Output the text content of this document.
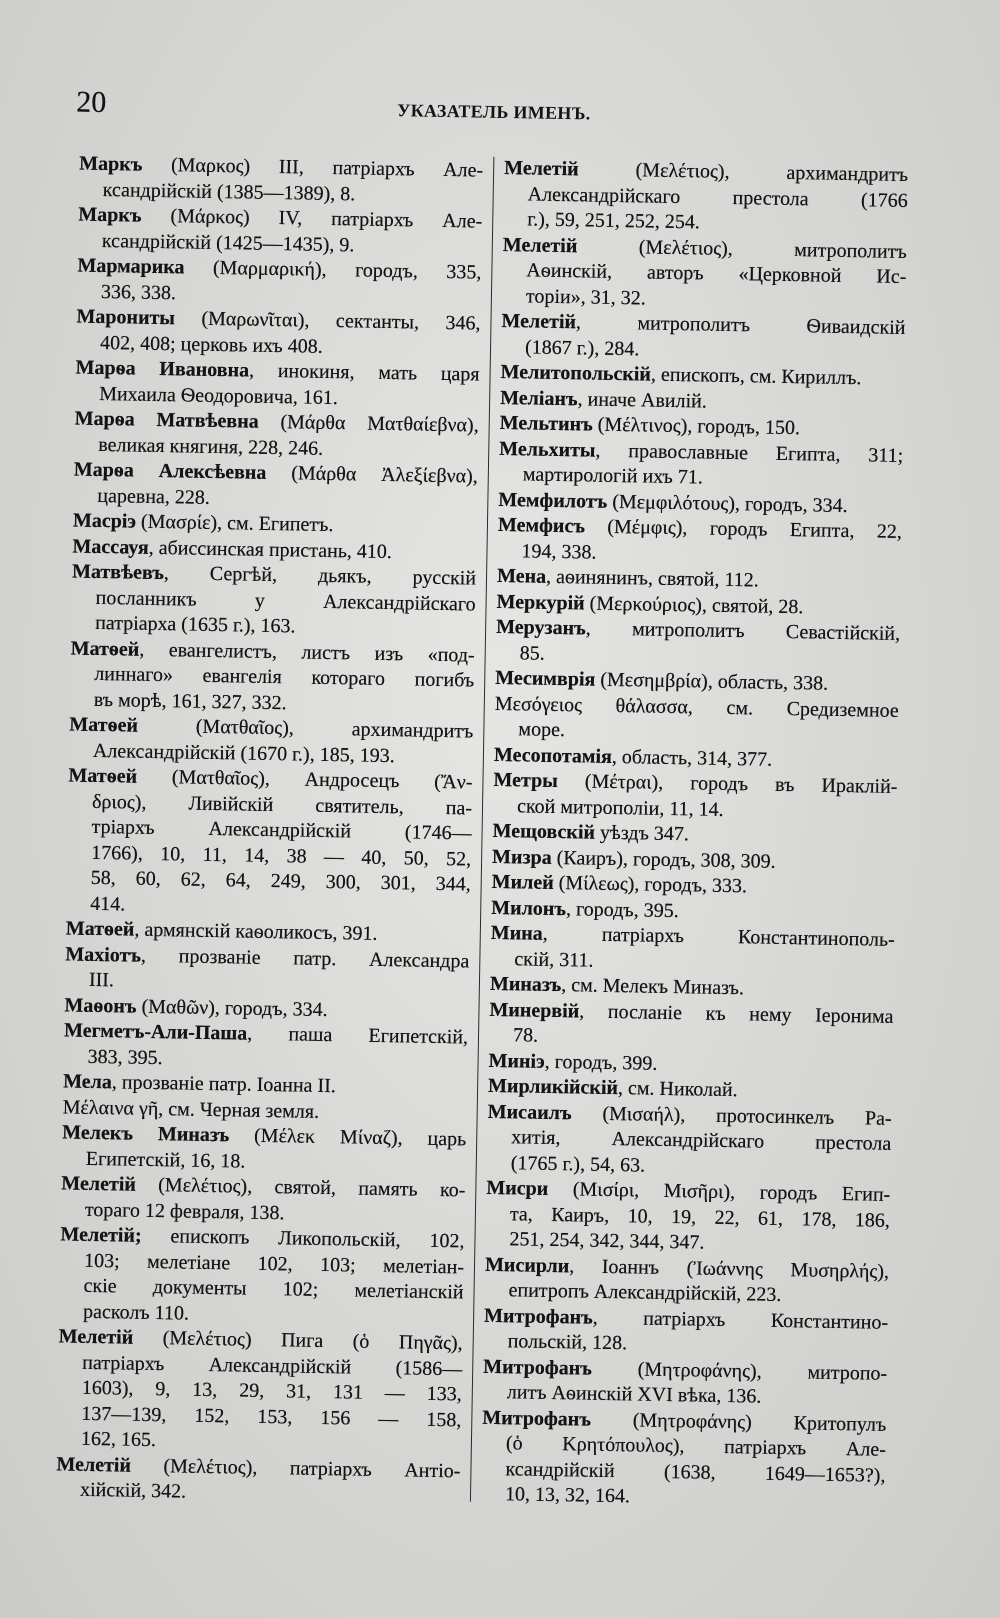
20	УКАЗАТЕЛЬ ИМЕНЪ.
Маркъ (Μαρκος) III, патріархъ Але-
ксандрійскій (1385—1389), 8.
Маркъ (Μάρκος) IV, патріархъ Але-
ксандрійскій (1425—1435), 9.
Мармарика (Μαρμαρική), городъ, 335,
336, 338.
Марониты (Μαρωνῖται), сектанты, 346,
402, 408; церковь ихъ 408.
Марѳа Ивановна, инокиня, мать царя
Михаила Ѳеодоровича, 161.
Марѳа Матвѣевна (Μάρθα Ματθαίεβνα),
великая княгиня, 228, 246.
Марѳа Алексѣевна (Μάρθα Ἀλεξίεβνα),
царевна, 228.
Масріэ (Μασρίε), см. Египетъ.
Массауя, абиссинская пристань, 410.
Матвѣевъ, Сергѣй, дьякъ, русскій
посланникъ у Александрійскаго
патріарха (1635 г.), 163.
Матѳей, евангелистъ, листъ изъ «под-
линнаго» евангелія котораго погибъ
въ морѣ, 161, 327, 332.
Матѳей (Ματθαῖος), архимандритъ
Александрійскій (1670 г.), 185, 193.
Матѳей (Ματθαῖος), Андросецъ (Ἄν-
δριος), Ливійскій святитель, па-
тріархъ Александрійскій (1746—
1766), 10, 11, 14, 38 — 40, 50, 52,
58, 60, 62, 64, 249, 300, 301, 344,
414.
Матѳей, армянскій каѳоликосъ, 391.
Махіотъ, прозваніе патр. Александра
III.
Маѳонъ (Μαθῶν), городъ, 334.
Мегметъ-Али-Паша, паша Египетскій,
383, 395.
Мела, прозваніе патр. Іоанна II.
Μέλαινα γῆ, см. Черная земля.
Мелекъ Миназъ (Μέλεκ Μίναζ), царь
Египетскій, 16, 18.
Мелетій (Μελέτιος), святой, память ко-
тораго 12 февраля, 138.
Мелетій; епископъ Ликопольскій, 102,
103; мелетіане 102, 103; мелетіан-
скіе документы 102; мелетіанскій
расколъ 110.
Мелетій (Μελέτιος) Пига (ὁ Πηγᾶς),
патріархъ Александрійскій (1586—
1603), 9, 13, 29, 31, 131 — 133,
137—139, 152, 153, 156 — 158,
162, 165.
Мелетій (Μελέτιος), патріархъ Антіо-
хійскій, 342.
Мелетій (Μελέτιος), архимандритъ
Александрійскаго престола (1766
г.), 59, 251, 252, 254.
Мелетій (Μελέτιος), митрополитъ
Аѳинскій, авторъ «Церковной Ис-
торіи», 31, 32.
Мелетій, митрополитъ Ѳиваидскій
(1867 г.), 284.
Мелитопольскій, епископъ, см. Кириллъ.
Меліанъ, иначе Авилій.
Мельтинъ (Μέλτινος), городъ, 150.
Мельхиты, православные Египта, 311;
мартирологій ихъ 71.
Мемфилотъ (Μεμφιλότους), городъ, 334.
Мемфисъ (Μέμφις), городъ Египта, 22,
194, 338.
Мена, аѳинянинъ, святой, 112.
Меркурій (Μερκούριος), святой, 28.
Мерузанъ, митрополитъ Севастійскій,
85.
Месимврія (Μεσημβρία), область, 338.
Μεσόγειος θάλασσα, см. Средиземное
море.
Месопотамія, область, 314, 377.
Метры (Μέτραι), городъ въ Ираклій-
ской митрополіи, 11, 14.
Мещовскій уѣздъ 347.
Мизра (Каиръ), городъ, 308, 309.
Милей (Μίλεως), городъ, 333.
Милонъ, городъ, 395.
Мина, патріархъ Константинополь-
скій, 311.
Миназъ, см. Мелекъ Миназъ.
Минервій, посланіе къ нему Іеронима
78.
Миніэ, городъ, 399.
Мирликійскій, см. Николай.
Мисаилъ (Μισαήλ), протосинкелъ Ра-
хитія, Александрійскаго престола
(1765 г.), 54, 63.
Мисри (Μισίρι, Μισῆρι), городъ Егип-
та, Каиръ, 10, 19, 22, 61, 178, 186,
251, 254, 342, 344, 347.
Мисирли, Іоаннъ (Ἰωάννης Μυσηρλής),
епитропъ Александрійскій, 223.
Митрофанъ, патріархъ Константино-
польскій, 128.
Митрофанъ (Μητροφάνης), митропо-
литъ Аѳинскій XVI вѣка, 136.
Митрофанъ (Μητροφάνης) Критопулъ
(ὁ Κρητόπουλος), патріархъ Але-
ксандрійскій (1638, 1649—1653?),
10, 13, 32, 164.
